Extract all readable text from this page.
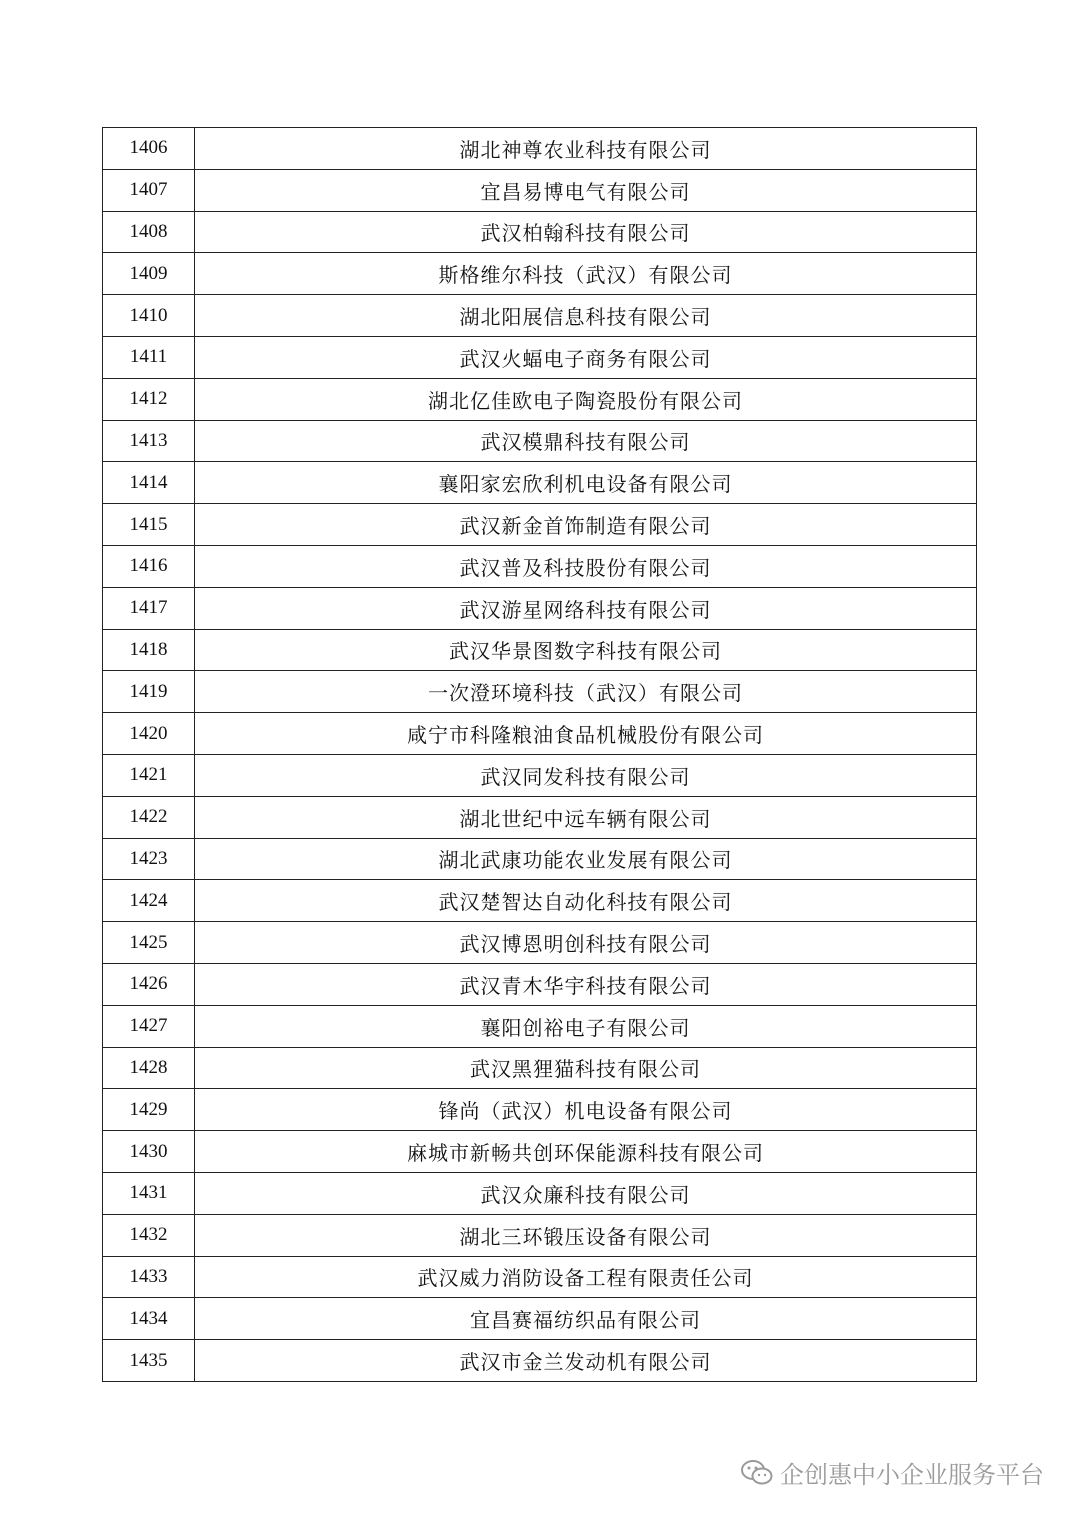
1406	湖北神尊农业科技有限公司
1407	宜昌易博电气有限公司
1408	武汉柏翰科技有限公司
1409	斯格维尔科技（武汉）有限公司
1410	湖北阳展信息科技有限公司
1411	武汉火蝠电子商务有限公司
1412	湖北亿佳欧电子陶瓷股份有限公司
1413	武汉模鼎科技有限公司
1414	襄阳家宏欣利机电设备有限公司
1415	武汉新金首饰制造有限公司
1416	武汉普及科技股份有限公司
1417	武汉游星网络科技有限公司
1418	武汉华景图数字科技有限公司
1419	一次澄环境科技（武汉）有限公司
1420	咸宁市科隆粮油食品机械股份有限公司
1421	武汉同发科技有限公司
1422	湖北世纪中远车辆有限公司
1423	湖北武康功能农业发展有限公司
1424	武汉楚智达自动化科技有限公司
1425	武汉博恩明创科技有限公司
1426	武汉青木华宇科技有限公司
1427	襄阳创裕电子有限公司
1428	武汉黑狸猫科技有限公司
1429	锋尚（武汉）机电设备有限公司
1430	麻城市新畅共创环保能源科技有限公司
1431	武汉众廉科技有限公司
1432	湖北三环锻压设备有限公司
1433	武汉威力消防设备工程有限责任公司
1434	宜昌赛福纺织品有限公司
1435	武汉市金兰发动机有限公司
企创惠中小企业服务平台
